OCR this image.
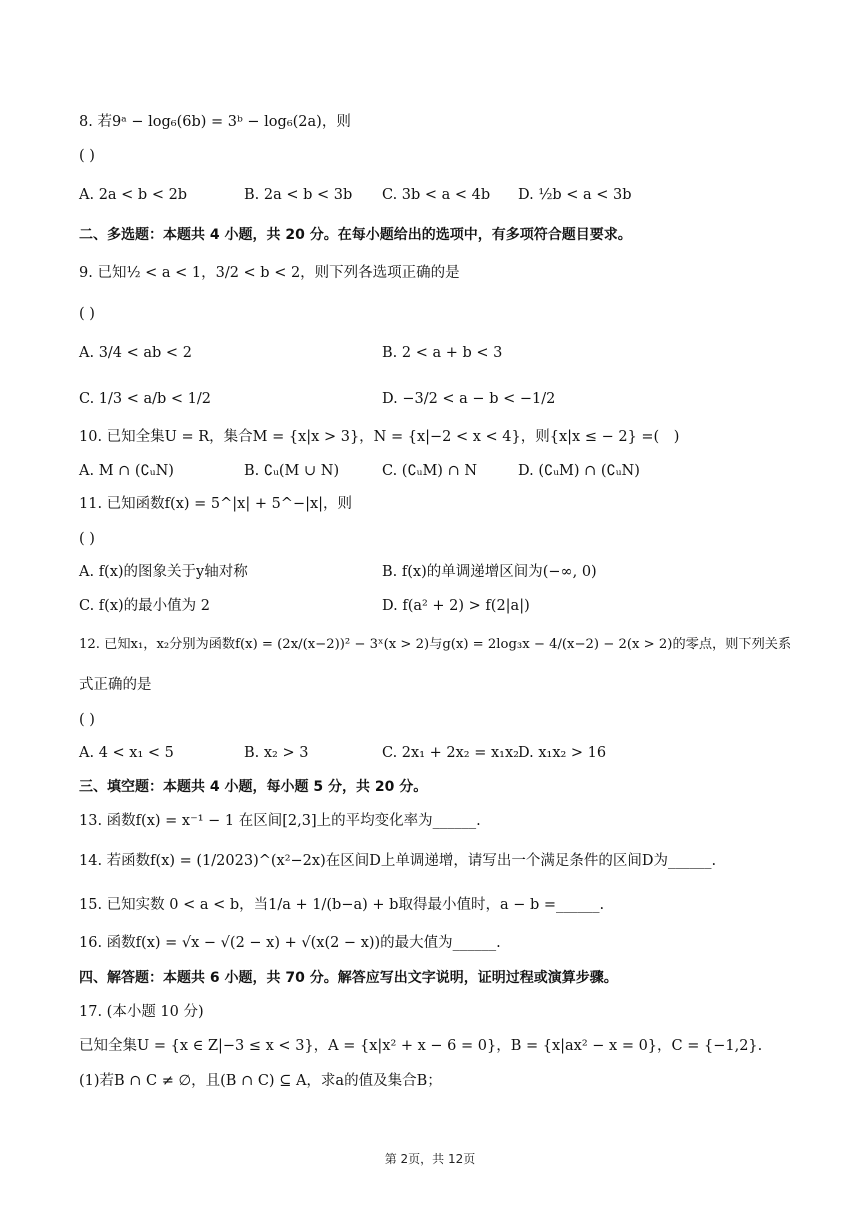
8. 若9ᵃ − log₆(6b) = 3ᵇ − log₆(2a)，则
( )
A. 2a < b < 2b	B. 2a < b < 3b C. 3b < a < 4b D. ½b < a < 3b
二、多选题：本题共 4 小题，共 20 分。在每小题给出的选项中，有多项符合题目要求。
9. 已知½ < a < 1，3/2 < b < 2，则下列各选项正确的是
( )
A. 3/4 < ab < 2	B. 2 < a + b < 3
C. 1/3 < a/b < 1/2	D. −3/2 < a − b < −1/2
10. 已知全集U = R，集合M = {x|x > 3}，N = {x|−2 < x < 4}，则{x|x ≤ − 2} =(　)
A. M ∩ (∁ᵤN)	B. ∁ᵤ(M ∪ N)	C. (∁ᵤM) ∩ N	D. (∁ᵤM) ∩ (∁ᵤN)
11. 已知函数f(x) = 5^|x| + 5^−|x|，则
( )
A. f(x)的图象关于y轴对称	B. f(x)的单调递增区间为(−∞, 0)
C. f(x)的最小值为 2	D. f(a² + 2) > f(2|a|)
12. 已知x₁，x₂分别为函数f(x) = (2x/(x−2))² − 3ˣ(x > 2)与g(x) = 2log₃x − 4/(x−2) − 2(x > 2)的零点，则下列关系
式正确的是
( )
A. 4 < x₁ < 5	B. x₂ > 3	C. 2x₁ + 2x₂ = x₁x₂ D. x₁x₂ > 16
三、填空题：本题共 4 小题，每小题 5 分，共 20 分。
13. 函数f(x) = x⁻¹ − 1 在区间[2,3]上的平均变化率为______.
14. 若函数f(x) = (1/2023)^(x²−2x)在区间D上单调递增，请写出一个满足条件的区间D为______.
15. 已知实数 0 < a < b，当1/a + 1/(b−a) + b取得最小值时，a − b =______.
16. 函数f(x) = √x − √(2 − x) + √(x(2 − x))的最大值为______.
四、解答题：本题共 6 小题，共 70 分。解答应写出文字说明，证明过程或演算步骤。
17. (本小题 10 分)
已知全集U = {x ∈ Z|−3 ≤ x < 3}，A = {x|x² + x − 6 = 0}，B = {x|ax² − x = 0}，C = {−1,2}.
(1)若B ∩ C ≠ ∅，且(B ∩ C) ⊆ A，求a的值及集合B；
第 2页，共 12页
